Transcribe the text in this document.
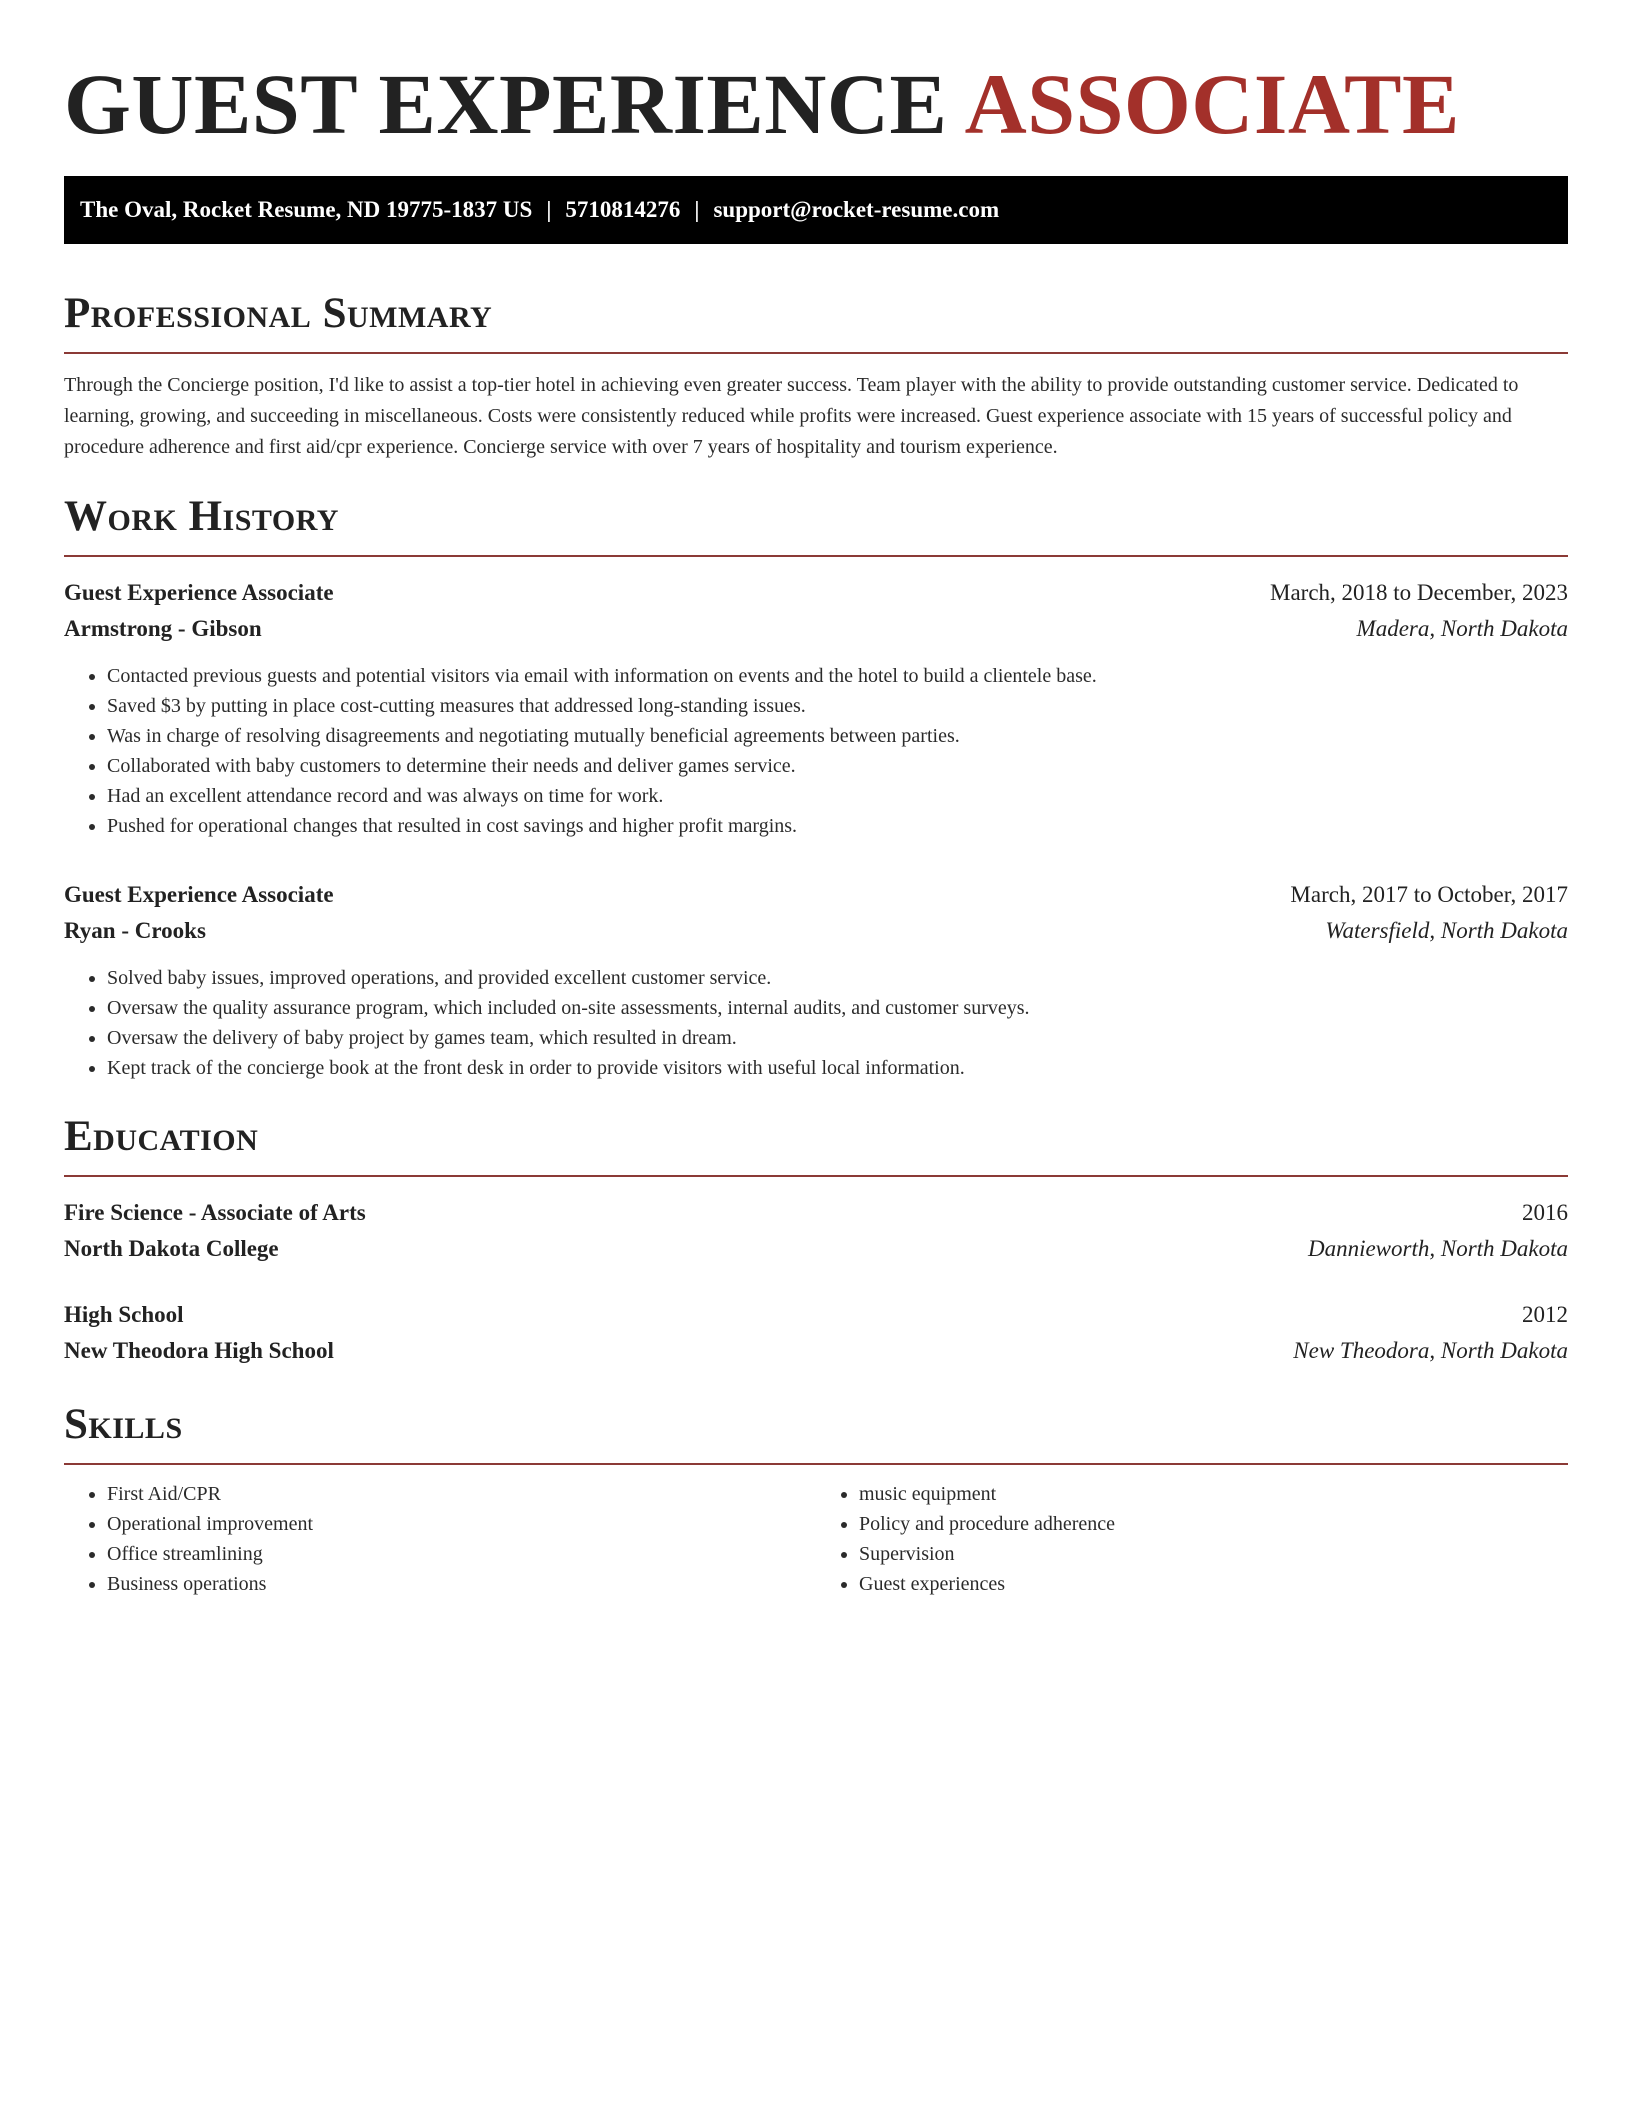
GUEST EXPERIENCE ASSOCIATE
The Oval, Rocket Resume, ND 19775-1837 US | 5710814276 | support@rocket-resume.com
Professional Summary

Through the Concierge position, I'd like to assist a top-tier hotel in achieving even greater success. Team player with the ability to provide outstanding customer service. Dedicated to learning, growing, and succeeding in miscellaneous. Costs were consistently reduced while profits were increased. Guest experience associate with 15 years of successful policy and procedure adherence and first aid/cpr experience. Concierge service with over 7 years of hospitality and tourism experience.

Work History
Guest Experience Associate	March, 2018 to December, 2023
Armstrong - Gibson	Madera, North Dakota
• Contacted previous guests and potential visitors via email with information on events and the hotel to build a clientele base.
• Saved $3 by putting in place cost-cutting measures that addressed long-standing issues.
• Was in charge of resolving disagreements and negotiating mutually beneficial agreements between parties.
• Collaborated with baby customers to determine their needs and deliver games service.
• Had an excellent attendance record and was always on time for work.
• Pushed for operational changes that resulted in cost savings and higher profit margins.
Guest Experience Associate	March, 2017 to October, 2017
Ryan - Crooks	Watersfield, North Dakota
• Solved baby issues, improved operations, and provided excellent customer service.
• Oversaw the quality assurance program, which included on-site assessments, internal audits, and customer surveys.
• Oversaw the delivery of baby project by games team, which resulted in dream.
• Kept track of the concierge book at the front desk in order to provide visitors with useful local information.
Education
Fire Science - Associate of Arts	2016
North Dakota College	Dannieworth, North Dakota
High School	2012
New Theodora High School	New Theodora, North Dakota
Skills
• First Aid/CPR
• Operational improvement
• Office streamlining
• Business operations
• music equipment
• Policy and procedure adherence
• Supervision
• Guest experiences
